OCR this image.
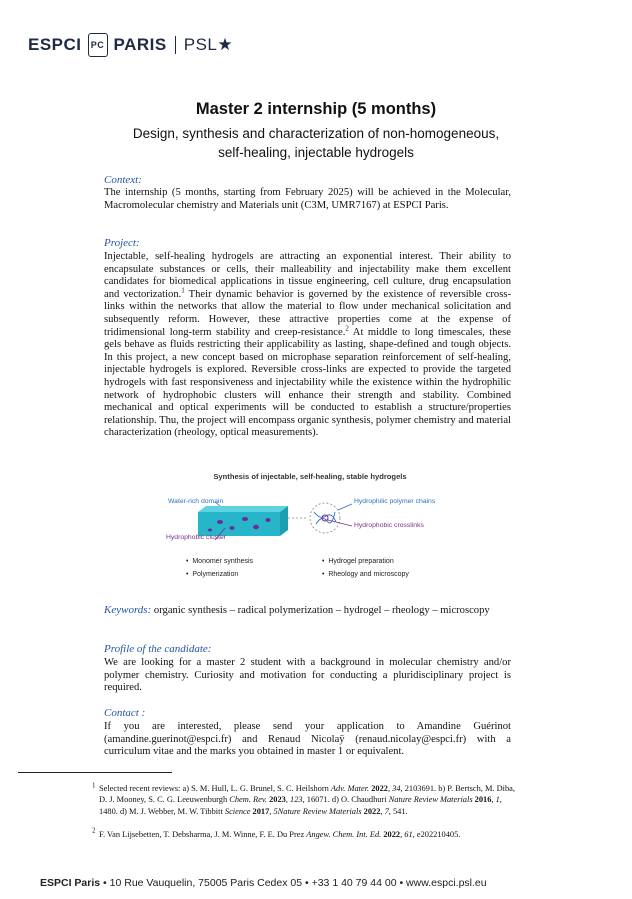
ESPCI	PC PARIS PSL★
Master 2 internship (5 months)
Design, synthesis and characterization of non-homogeneous,
self-healing, injectable hydrogels
Context:
The internship (5 months, starting from February 2025) will be achieved in the Molecular, Macromolecular chemistry and Materials unit (C3M, UMR7167) at ESPCI Paris.
Project:
Injectable, self-healing hydrogels are attracting an exponential interest. Their ability to encapsulate substances or cells, their malleability and injectability make them excellent candidates for biomedical applications in tissue engineering, cell culture, drug encapsulation and vectorization.$^1$ Their dynamic behavior is governed by the existence of reversible cross-links within the networks that allow the material to flow under mechanical solicitation and subsequently reform. However, these attractive properties come at the expense of tridimensional long-term stability and creep-resistance.$^2$ At middle to long timescales, these gels behave as fluids restricting their applicability as lasting, shape-defined and tough objects. In this project, a new concept based on microphase separation reinforcement of self-healing, injectable hydrogels is explored. Reversible cross-links are expected to provide the targeted hydrogels with fast responsiveness and injectability while the existence within the hydrophilic network of hydrophobic clusters will enhance their strength and stability. Combined mechanical and optical experiments will be conducted to establish a structure/properties relationship. Thu, the project will encompass organic synthesis, polymer chemistry and material characterization (rheology, optical measurements).
Synthesis of injectable, self-healing, stable hydrogels
Water-rich domain
Hydrophobic cluster
Hydrophilic polymer chains
Hydrophobic crosslinks
•  Monomer synthesis
•  Polymerization
•  Hydrogel preparation
•  Rheology and microscopy
Keywords: organic synthesis – radical polymerization – hydrogel – rheology – microscopy
Profile of the candidate:
We are looking for a master 2 student with a background in molecular chemistry and/or polymer chemistry. Curiosity and motivation for conducting a pluridisciplinary project is required.
Contact :
If you are interested, please send your application to Amandine Guérinot (amandine.guerinot@espci.fr) and Renaud Nicolaÿ (renaud.nicolay@espci.fr) with a curriculum vitae and the marks you obtained in master 1 or equivalent.
$^1$ Selected recent reviews: a) S. M. Hull, L. G. Brunel, S. C. Heilshorn Adv. Mater. 2022, 34, 2103691. b) P. Bertsch, M. Diba, D. J. Mooney, S. C. G. Leeuwenburgh Chem. Rev. 2023, 123, 16071. d) O. Chaudhuri Nature Review Materials 2016, 1, 1480. d) M. J. Webber, M. W. Tibbitt Science 2017, 5Nature Review Materials 2022, 7, 541.
$^2$ F. Van Lijsebetten, T. Debsharma, J. M. Winne, F. E. Du Prez Angew. Chem. Int. Ed. 2022, 61, e202210405.
ESPCI Paris • 10 Rue Vauquelin, 75005 Paris Cedex 05 • +33 1 40 79 44 00 • www.espci.psl.eu
